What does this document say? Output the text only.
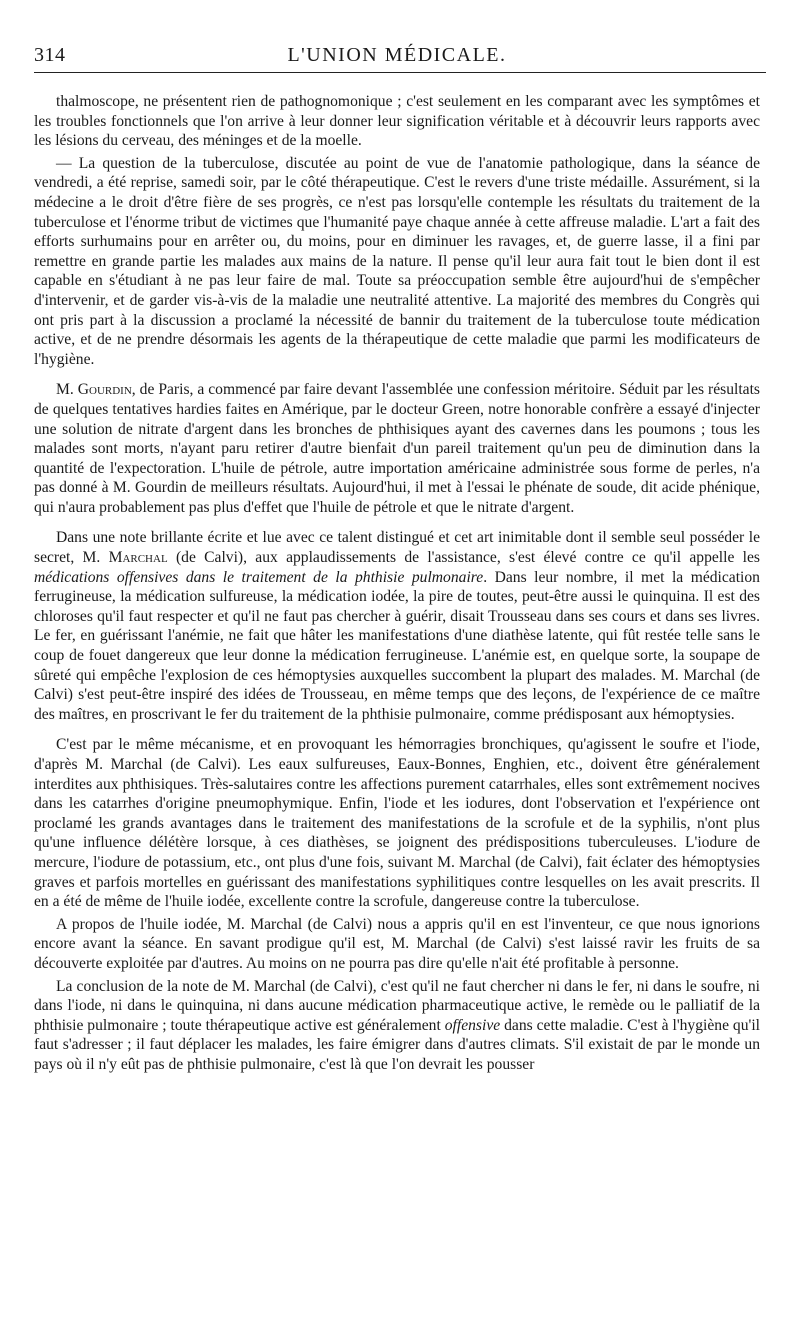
314	L'UNION MÉDICALE.

thalmoscope, ne présentent rien de pathognomonique ; c'est seulement en les comparant avec les symptômes et les troubles fonctionnels que l'on arrive à leur donner leur signification véritable et à découvrir leurs rapports avec les lésions du cerveau, des méninges et de la moelle.

— La question de la tuberculose, discutée au point de vue de l'anatomie pathologique, dans la séance de vendredi, a été reprise, samedi soir, par le côté thérapeutique. C'est le revers d'une triste médaille. Assurément, si la médecine a le droit d'être fière de ses progrès, ce n'est pas lorsqu'elle contemple les résultats du traitement de la tuberculose et l'énorme tribut de victimes que l'humanité paye chaque année à cette affreuse maladie. L'art a fait des efforts surhumains pour en arrêter ou, du moins, pour en diminuer les ravages, et, de guerre lasse, il a fini par remettre en grande partie les malades aux mains de la nature. Il pense qu'il leur aura fait tout le bien dont il est capable en s'étudiant à ne pas leur faire de mal. Toute sa préoccupation semble être aujourd'hui de s'empêcher d'intervenir, et de garder vis-à-vis de la maladie une neutralité attentive. La majorité des membres du Congrès qui ont pris part à la discussion a proclamé la nécessité de bannir du traitement de la tuberculose toute médication active, et de ne prendre désormais les agents de la thérapeutique de cette maladie que parmi les modificateurs de l'hygiène.

M. Gourdin, de Paris, a commencé par faire devant l'assemblée une confession méritoire. Séduit par les résultats de quelques tentatives hardies faites en Amérique, par le docteur Green, notre honorable confrère a essayé d'injecter une solution de nitrate d'argent dans les bronches de phthisiques ayant des cavernes dans les poumons ; tous les malades sont morts, n'ayant paru retirer d'autre bienfait d'un pareil traitement qu'un peu de diminution dans la quantité de l'expectoration. L'huile de pétrole, autre importation américaine administrée sous forme de perles, n'a pas donné à M. Gourdin de meilleurs résultats. Aujourd'hui, il met à l'essai le phénate de soude, dit acide phénique, qui n'aura probablement pas plus d'effet que l'huile de pétrole et que le nitrate d'argent.

Dans une note brillante écrite et lue avec ce talent distingué et cet art inimitable dont il semble seul posséder le secret, M. Marchal (de Calvi), aux applaudissements de l'assistance, s'est élevé contre ce qu'il appelle les médications offensives dans le traitement de la phthisie pulmonaire. Dans leur nombre, il met la médication ferrugineuse, la médication sulfureuse, la médication iodée, la pire de toutes, peut-être aussi le quinquina. Il est des chloroses qu'il faut respecter et qu'il ne faut pas chercher à guérir, disait Trousseau dans ses cours et dans ses livres. Le fer, en guérissant l'anémie, ne fait que hâter les manifestations d'une diathèse latente, qui fût restée telle sans le coup de fouet dangereux que leur donne la médication ferrugineuse. L'anémie est, en quelque sorte, la soupape de sûreté qui empêche l'explosion de ces hémoptysies auxquelles succombent la plupart des malades. M. Marchal (de Calvi) s'est peut-être inspiré des idées de Trousseau, en même temps que des leçons, de l'expérience de ce maître des maîtres, en proscrivant le fer du traitement de la phthisie pulmonaire, comme prédisposant aux hémoptysies.

C'est par le même mécanisme, et en provoquant les hémorragies bronchiques, qu'agissent le soufre et l'iode, d'après M. Marchal (de Calvi). Les eaux sulfureuses, Eaux-Bonnes, Enghien, etc., doivent être généralement interdites aux phthisiques. Très-salutaires contre les affections purement catarrhales, elles sont extrêmement nocives dans les catarrhes d'origine pneumophymique. Enfin, l'iode et les iodures, dont l'observation et l'expérience ont proclamé les grands avantages dans le traitement des manifestations de la scrofule et de la syphilis, n'ont plus qu'une influence délétère lorsque, à ces diathèses, se joignent des prédispositions tuberculeuses. L'iodure de mercure, l'iodure de potassium, etc., ont plus d'une fois, suivant M. Marchal (de Calvi), fait éclater des hémoptysies graves et parfois mortelles en guérissant des manifestations syphilitiques contre lesquelles on les avait prescrits. Il en a été de même de l'huile iodée, excellente contre la scrofule, dangereuse contre la tuberculose.

A propos de l'huile iodée, M. Marchal (de Calvi) nous a appris qu'il en est l'inventeur, ce que nous ignorions encore avant la séance. En savant prodigue qu'il est, M. Marchal (de Calvi) s'est laissé ravir les fruits de sa découverte exploitée par d'autres. Au moins on ne pourra pas dire qu'elle n'ait été profitable à personne.

La conclusion de la note de M. Marchal (de Calvi), c'est qu'il ne faut chercher ni dans le fer, ni dans le soufre, ni dans l'iode, ni dans le quinquina, ni dans aucune médication pharmaceutique active, le remède ou le palliatif de la phthisie pulmonaire ; toute thérapeutique active est généralement offensive dans cette maladie. C'est à l'hygiène qu'il faut s'adresser ; il faut déplacer les malades, les faire émigrer dans d'autres climats. S'il existait de par le monde un pays où il n'y eût pas de phthisie pulmonaire, c'est là que l'on devrait les pousser
